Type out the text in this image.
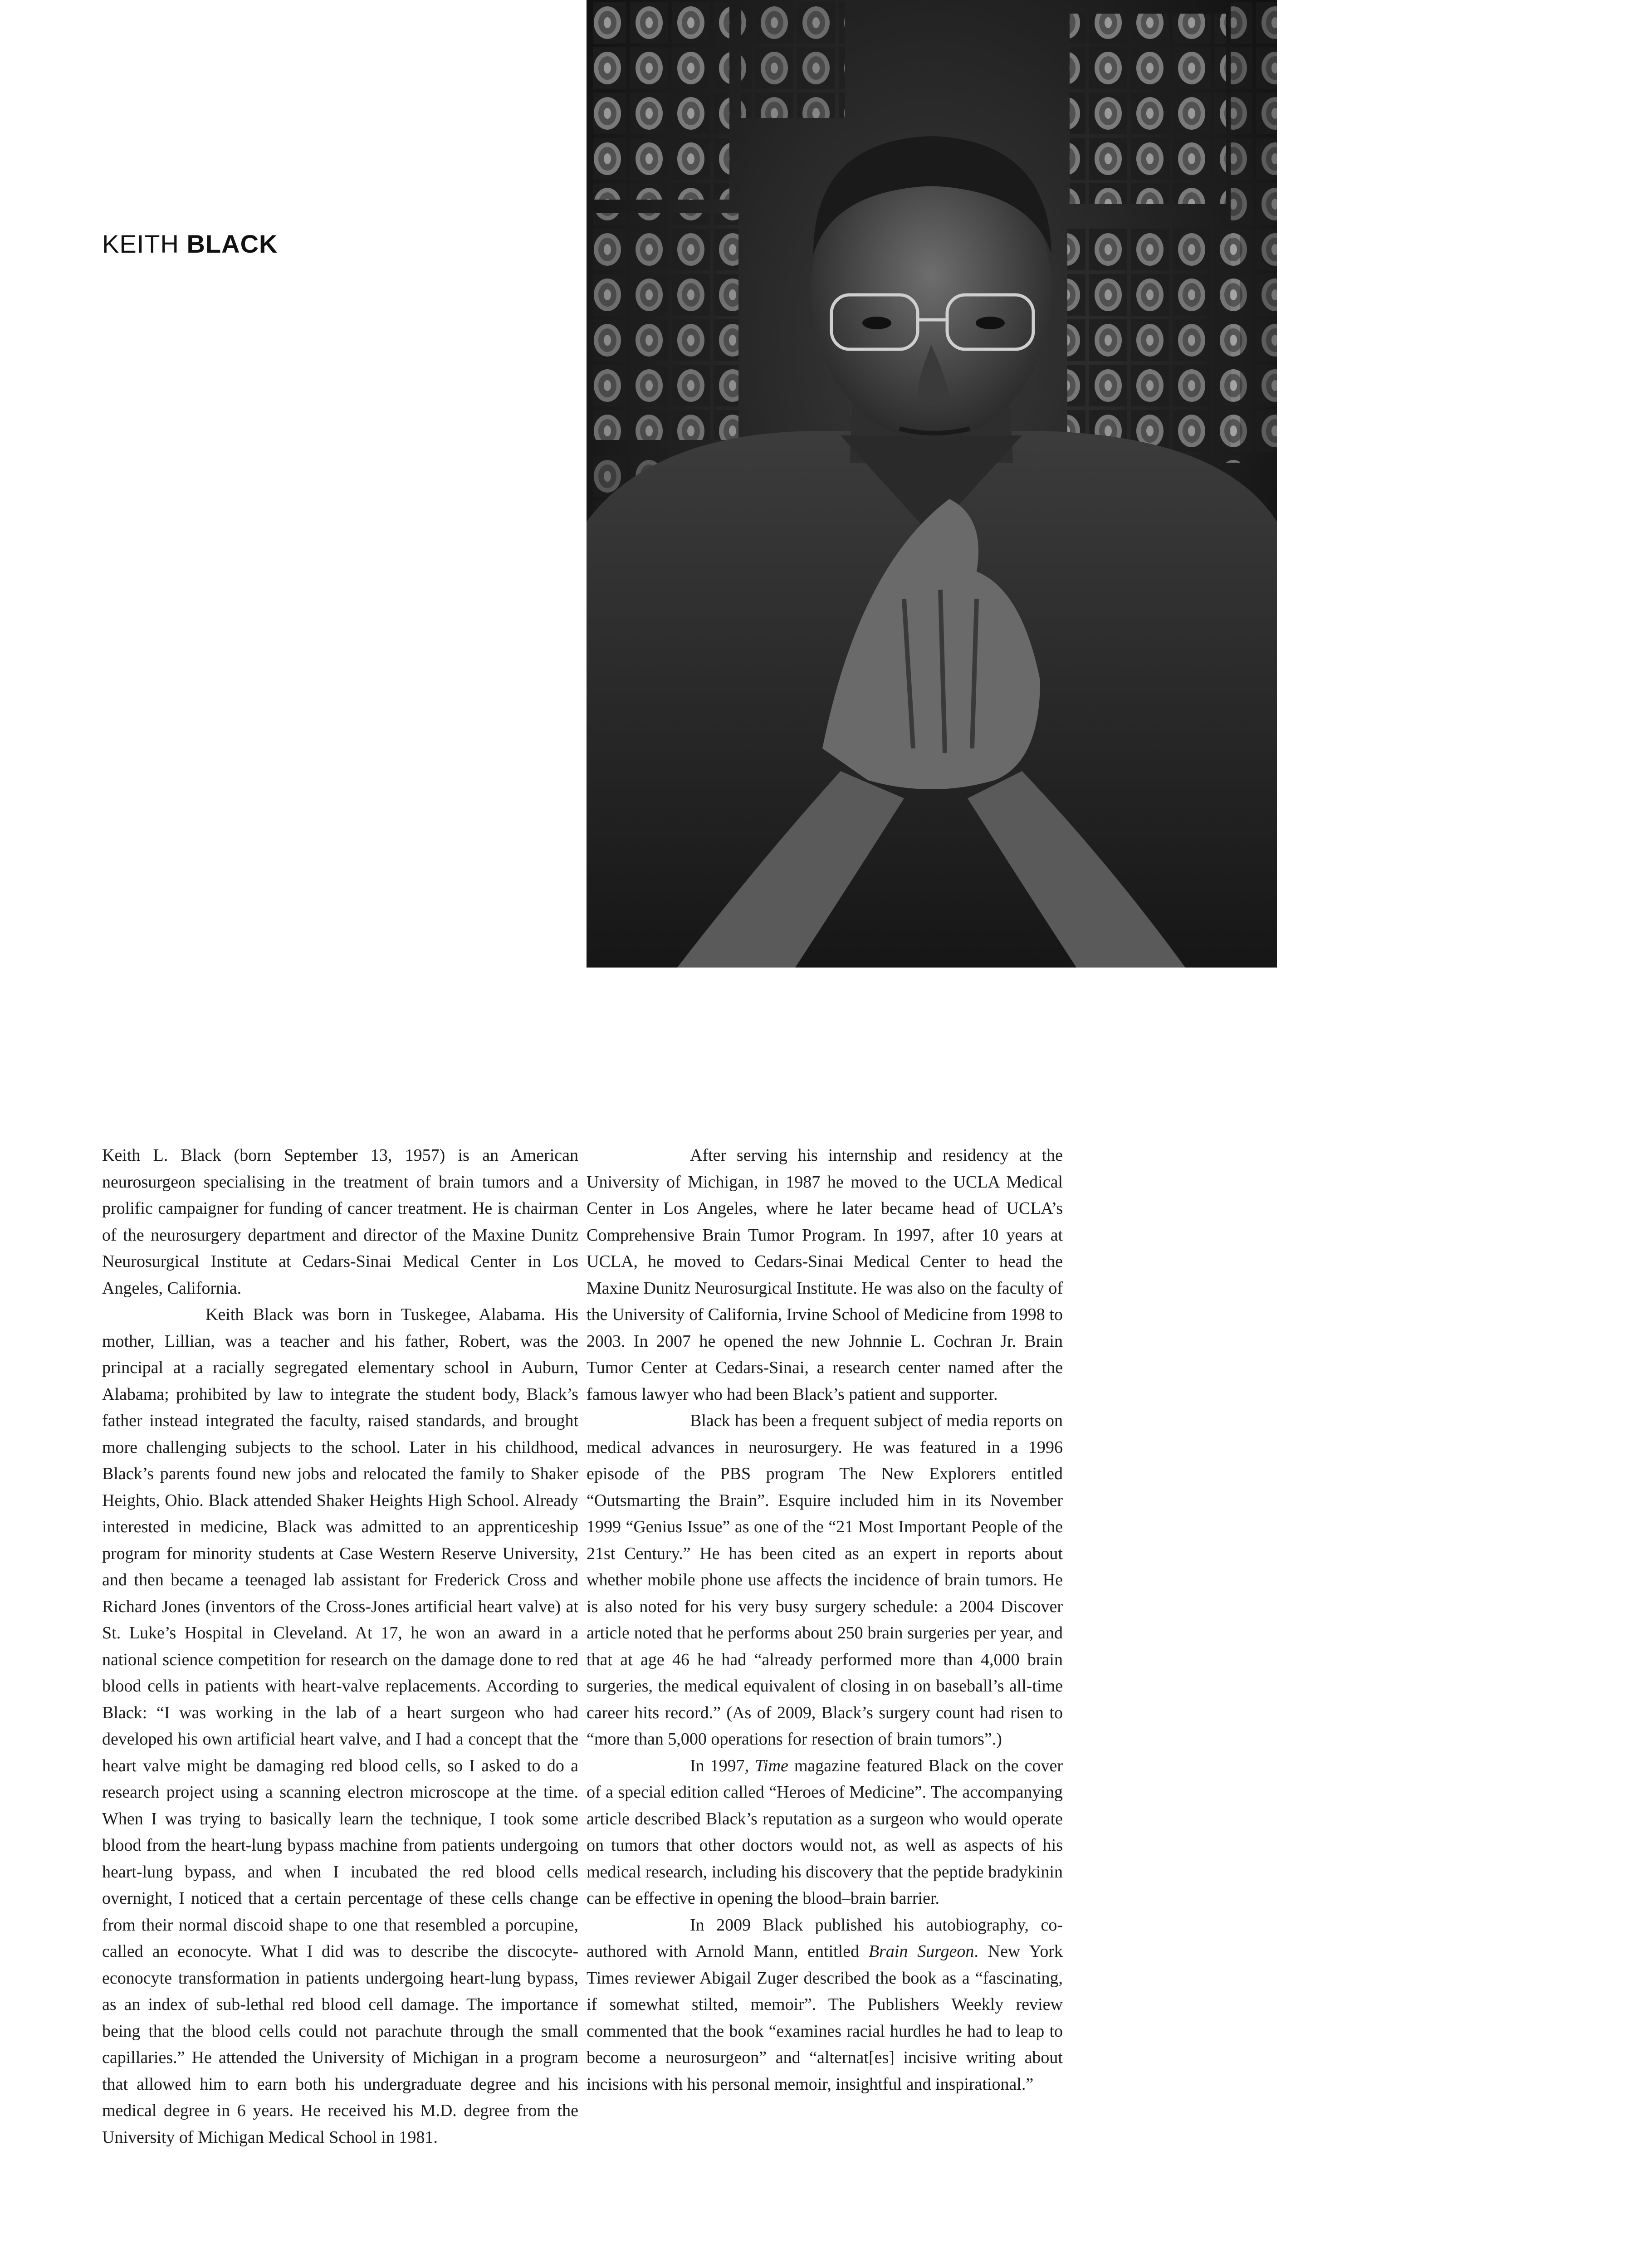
KEITH BLACK

Keith L. Black (born September 13, 1957) is an American neurosurgeon specialising in the treatment of brain tumors and a prolific campaigner for funding of cancer treatment. He is chairman of the neurosurgery department and director of the Maxine Dunitz Neurosurgical Institute at Cedars-Sinai Medical Center in Los Angeles, California.

Keith Black was born in Tuskegee, Alabama. His mother, Lillian, was a teacher and his father, Robert, was the principal at a racially segregated elementary school in Auburn, Alabama; prohibited by law to integrate the student body, Black’s father instead integrated the faculty, raised standards, and brought more challenging subjects to the school. Later in his childhood, Black’s parents found new jobs and relocated the family to Shaker Heights, Ohio. Black attended Shaker Heights High School. Already interested in medicine, Black was admitted to an apprenticeship program for minority students at Case Western Reserve University, and then became a teenaged lab assistant for Frederick Cross and Richard Jones (inventors of the Cross-Jones artificial heart valve) at St. Luke’s Hospital in Cleveland. At 17, he won an award in a national science competition for research on the damage done to red blood cells in patients with heart-valve replacements. According to Black: “I was working in the lab of a heart surgeon who had developed his own artificial heart valve, and I had a concept that the heart valve might be damaging red blood cells, so I asked to do a research project using a scanning electron microscope at the time. When I was trying to basically learn the technique, I took some blood from the heart-lung bypass machine from patients undergoing heart-lung bypass, and when I incubated the red blood cells overnight, I noticed that a certain percentage of these cells change from their normal discoid shape to one that resembled a porcupine, called an econocyte. What I did was to describe the discocyte-econocyte transformation in patients undergoing heart-lung bypass, as an index of sub-lethal red blood cell damage. The importance being that the blood cells could not parachute through the small capillaries.” He attended the University of Michigan in a program that allowed him to earn both his undergraduate degree and his medical degree in 6 years. He received his M.D. degree from the University of Michigan Medical School in 1981.

After serving his internship and residency at the University of Michigan, in 1987 he moved to the UCLA Medical Center in Los Angeles, where he later became head of UCLA’s Comprehensive Brain Tumor Program. In 1997, after 10 years at UCLA, he moved to Cedars-Sinai Medical Center to head the Maxine Dunitz Neurosurgical Institute. He was also on the faculty of the University of California, Irvine School of Medicine from 1998 to 2003. In 2007 he opened the new Johnnie L. Cochran Jr. Brain Tumor Center at Cedars-Sinai, a research center named after the famous lawyer who had been Black’s patient and supporter.

Black has been a frequent subject of media reports on medical advances in neurosurgery. He was featured in a 1996 episode of the PBS program The New Explorers entitled “Outsmarting the Brain”. Esquire included him in its November 1999 “Genius Issue” as one of the “21 Most Important People of the 21st Century.” He has been cited as an expert in reports about whether mobile phone use affects the incidence of brain tumors. He is also noted for his very busy surgery schedule: a 2004 Discover article noted that he performs about 250 brain surgeries per year, and that at age 46 he had “already performed more than 4,000 brain surgeries, the medical equivalent of closing in on baseball’s all-time career hits record.” (As of 2009, Black’s surgery count had risen to “more than 5,000 operations for resection of brain tumors”.)

In 1997, Time magazine featured Black on the cover of a special edition called “Heroes of Medicine”. The accompanying article described Black’s reputation as a surgeon who would operate on tumors that other doctors would not, as well as aspects of his medical research, including his discovery that the peptide bradykinin can be effective in opening the blood–brain barrier.

In 2009 Black published his autobiography, co-authored with Arnold Mann, entitled Brain Surgeon. New York Times reviewer Abigail Zuger described the book as a “fascinating, if somewhat stilted, memoir”. The Publishers Weekly review commented that the book “examines racial hurdles he had to leap to become a neurosurgeon” and “alternat[es] incisive writing about incisions with his personal memoir, insightful and inspirational.”
